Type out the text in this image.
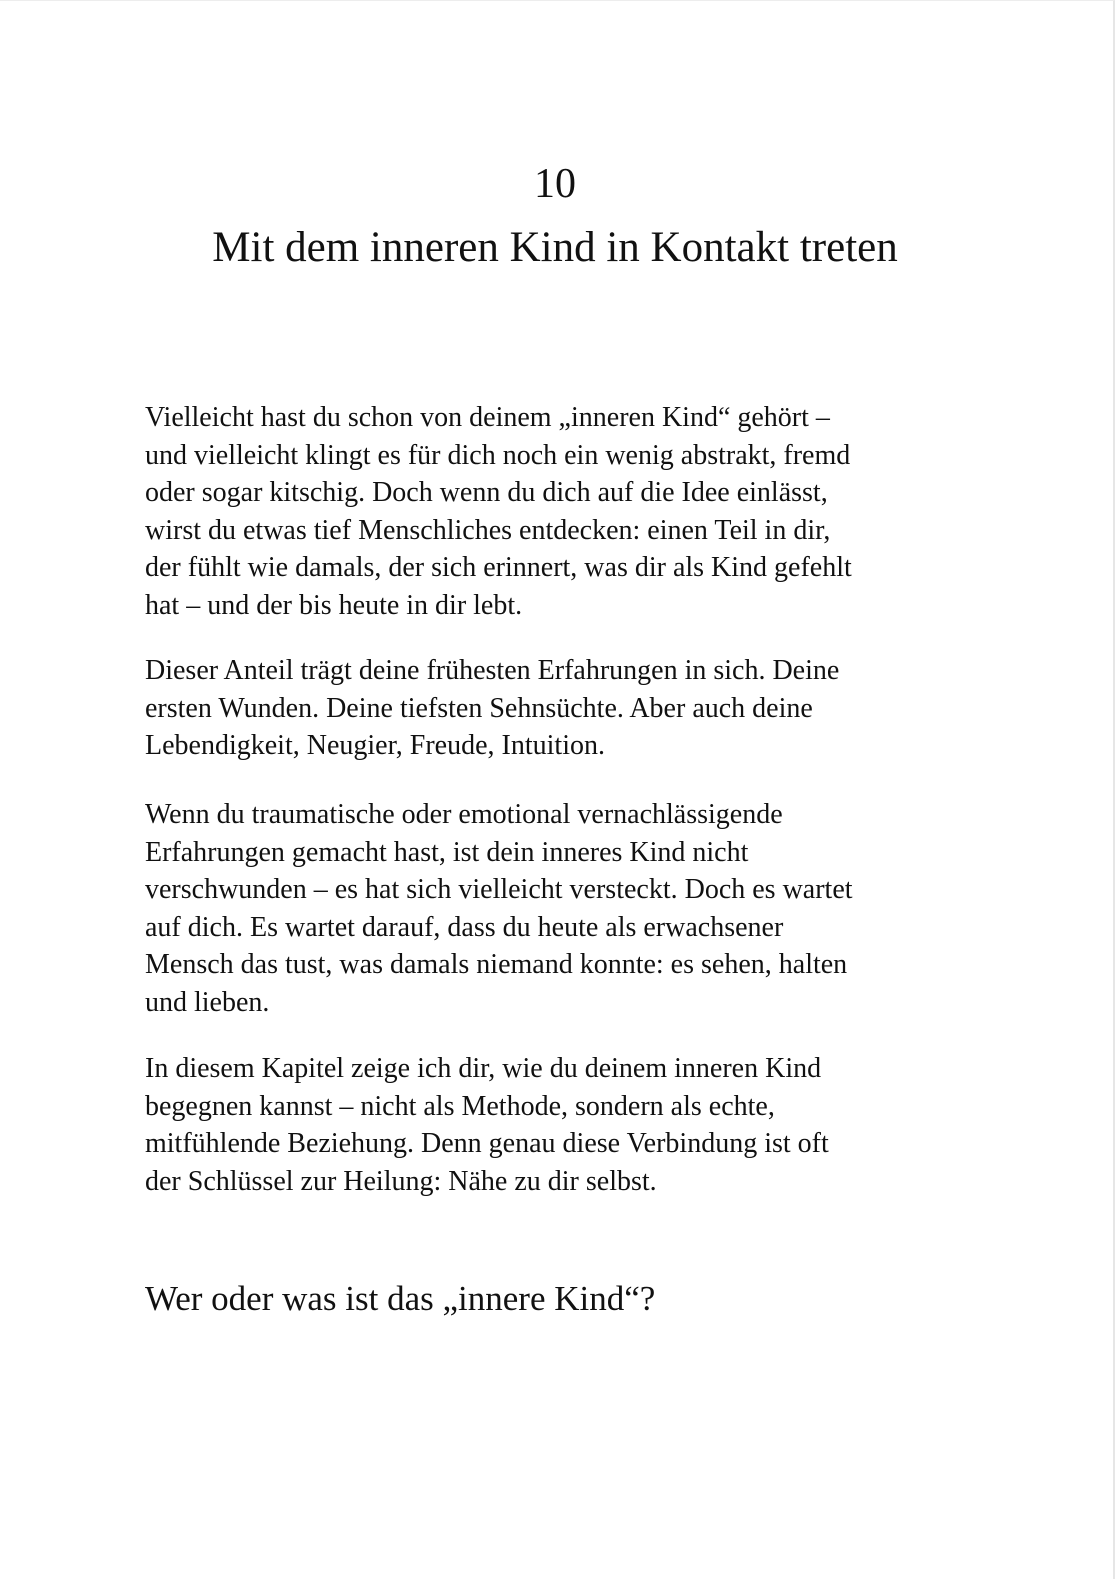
10
Mit dem inneren Kind in Kontakt treten

Vielleicht hast du schon von deinem „inneren Kind“ gehört –
und vielleicht klingt es für dich noch ein wenig abstrakt, fremd
oder sogar kitschig. Doch wenn du dich auf die Idee einlässt,
wirst du etwas tief Menschliches entdecken: einen Teil in dir,
der fühlt wie damals, der sich erinnert, was dir als Kind gefehlt
hat – und der bis heute in dir lebt.

Dieser Anteil trägt deine frühesten Erfahrungen in sich. Deine
ersten Wunden. Deine tiefsten Sehnsüchte. Aber auch deine
Lebendigkeit, Neugier, Freude, Intuition.

Wenn du traumatische oder emotional vernachlässigende
Erfahrungen gemacht hast, ist dein inneres Kind nicht
verschwunden – es hat sich vielleicht versteckt. Doch es wartet
auf dich. Es wartet darauf, dass du heute als erwachsener
Mensch das tust, was damals niemand konnte: es sehen, halten
und lieben.

In diesem Kapitel zeige ich dir, wie du deinem inneren Kind
begegnen kannst – nicht als Methode, sondern als echte,
mitfühlende Beziehung. Denn genau diese Verbindung ist oft
der Schlüssel zur Heilung: Nähe zu dir selbst.

Wer oder was ist das „innere Kind“?
